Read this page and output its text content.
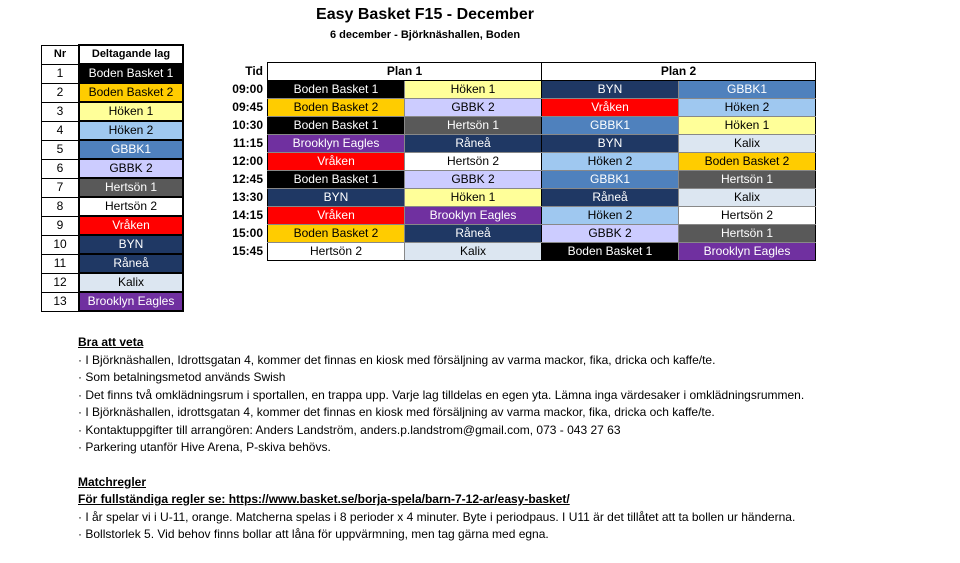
Easy Basket F15 - December
6 december - Björknäshallen, Boden
Nr	Deltagande lag
1	Boden Basket 1
2	Boden Basket 2
3	Höken 1
4	Höken 2
5	GBBK1
6	GBBK 2
7	Hertsön 1
8	Hertsön 2
9	Vråken
10	BYN
11	Råneå
12	Kalix
13	Brooklyn Eagles
Tid	Plan 1		Plan 2	
09:00	Boden Basket 1	Höken 1	BYN	GBBK1
09:45	Boden Basket 2	GBBK 2	Vråken	Höken 2
10:30	Boden Basket 1	Hertsön 1	GBBK1	Höken 1
11:15	Brooklyn Eagles	Råneå	BYN	Kalix
12:00	Vråken	Hertsön 2	Höken 2	Boden Basket 2
12:45	Boden Basket 1	GBBK 2	GBBK1	Hertsön 1
13:30	BYN	Höken 1	Råneå	Kalix
14:15	Vråken	Brooklyn Eagles	Höken 2	Hertsön 2
15:00	Boden Basket 2	Råneå	GBBK 2	Hertsön 1
15:45	Hertsön 2	Kalix	Boden Basket 1	Brooklyn Eagles
Bra att veta
· I Björknäshallen, Idrottsgatan 4, kommer det finnas en kiosk med försäljning av varma mackor, fika, dricka och kaffe/te.
· Som betalningsmetod används Swish
· Det finns två omklädningsrum i sportallen, en trappa upp. Varje lag tilldelas en egen yta. Lämna inga värdesaker i omklädningsrummen.
· I Björknäshallen, idrottsgatan 4, kommer det finnas en kiosk med försäljning av varma mackor, fika, dricka och kaffe/te.
· Kontaktuppgifter till arrangören: Anders Landström, anders.p.landstrom@gmail.com, 073 - 043 27 63
· Parkering utanför Hive Arena, P-skiva behövs.
Matchregler
För fullständiga regler se: https://www.basket.se/borja-spela/barn-7-12-ar/easy-basket/
· I år spelar vi i U-11, orange. Matcherna spelas i 8 perioder x 4 minuter. Byte i periodpaus. I U11 är det tillåtet att ta bollen ur händerna.
· Bollstorlek 5. Vid behov finns bollar att låna för uppvärmning, men tag gärna med egna.
